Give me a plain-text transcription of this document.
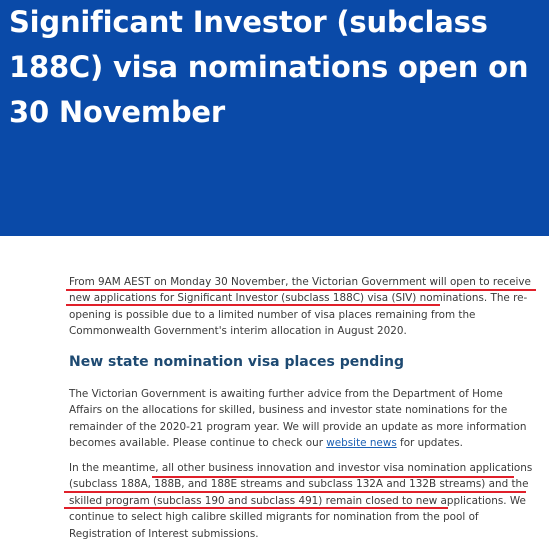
Significant Investor (subclass 188C) visa nominations open on 30 November

From 9AM AEST on Monday 30 November, the Victorian Government will open to receive new applications for Significant Investor (subclass 188C) visa (SIV) nominations. The re-opening is possible due to a limited number of visa places remaining from the Commonwealth Government's interim allocation in August 2020.

New state nomination visa places pending

The Victorian Government is awaiting further advice from the Department of Home Affairs on the allocations for skilled, business and investor state nominations for the remainder of the 2020-21 program year. We will provide an update as more information becomes available. Please continue to check our website news for updates.

In the meantime, all other business innovation and investor visa nomination applications (subclass 188A, 188B, and 188E streams and subclass 132A and 132B streams) and the skilled program (subclass 190 and subclass 491) remain closed to new applications. We continue to select high calibre skilled migrants for nomination from the pool of Registration of Interest submissions.
